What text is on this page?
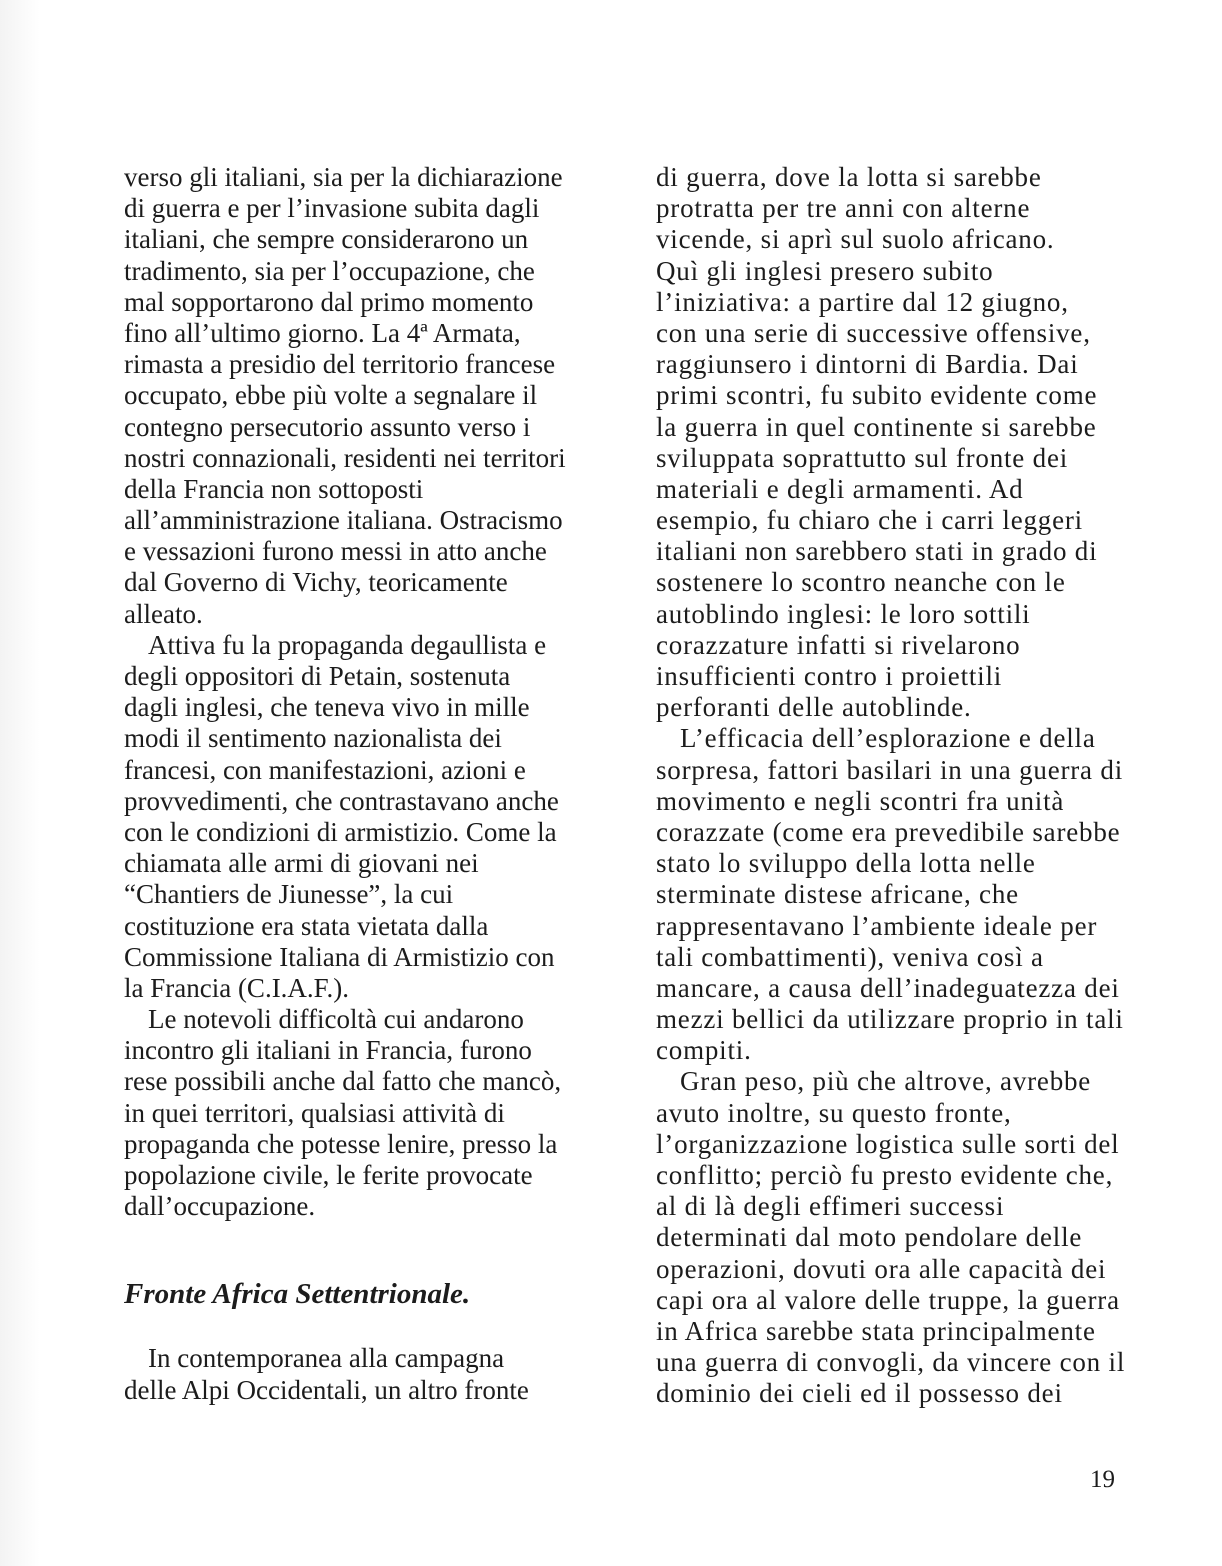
verso gli italiani, sia per la dichiarazione
di guerra e per l’invasione subita dagli
italiani, che sempre considerarono un
tradimento, sia per l’occupazione, che
mal sopportarono dal primo momento
fino all’ultimo giorno. La 4ª Armata,
rimasta a presidio del territorio francese
occupato, ebbe più volte a segnalare il
contegno persecutorio assunto verso i
nostri connazionali, residenti nei territori
della Francia non sottoposti
all’amministrazione italiana. Ostracismo
e vessazioni furono messi in atto anche
dal Governo di Vichy, teoricamente
alleato.
Attiva fu la propaganda degaullista e
degli oppositori di Petain, sostenuta
dagli inglesi, che teneva vivo in mille
modi il sentimento nazionalista dei
francesi, con manifestazioni, azioni e
provvedimenti, che contrastavano anche
con le condizioni di armistizio. Come la
chiamata alle armi di giovani nei
“Chantiers de Jiunesse”, la cui
costituzione era stata vietata dalla
Commissione Italiana di Armistizio con
la Francia (C.I.A.F.).
Le notevoli difficoltà cui andarono
incontro gli italiani in Francia, furono
rese possibili anche dal fatto che mancò,
in quei territori, qualsiasi attività di
propaganda che potesse lenire, presso la
popolazione civile, le ferite provocate
dall’occupazione.
Fronte Africa Settentrionale.
In contemporanea alla campagna
delle Alpi Occidentali, un altro fronte
di guerra, dove la lotta si sarebbe
protratta per tre anni con alterne
vicende, si aprì sul suolo africano.
Quì gli inglesi presero subito
l’iniziativa: a partire dal 12 giugno,
con una serie di successive offensive,
raggiunsero i dintorni di Bardia. Dai
primi scontri, fu subito evidente come
la guerra in quel continente si sarebbe
sviluppata soprattutto sul fronte dei
materiali e degli armamenti. Ad
esempio, fu chiaro che i carri leggeri
italiani non sarebbero stati in grado di
sostenere lo scontro neanche con le
autoblindo inglesi: le loro sottili
corazzature infatti si rivelarono
insufficienti contro i proiettili
perforanti delle autoblinde.
L’efficacia dell’esplorazione e della
sorpresa, fattori basilari in una guerra di
movimento e negli scontri fra unità
corazzate (come era prevedibile sarebbe
stato lo sviluppo della lotta nelle
sterminate distese africane, che
rappresentavano l’ambiente ideale per
tali combattimenti), veniva così a
mancare, a causa dell’inadeguatezza dei
mezzi bellici da utilizzare proprio in tali
compiti.
Gran peso, più che altrove, avrebbe
avuto inoltre, su questo fronte,
l’organizzazione logistica sulle sorti del
conflitto; perciò fu presto evidente che,
al di là degli effimeri successi
determinati dal moto pendolare delle
operazioni, dovuti ora alle capacità dei
capi ora al valore delle truppe, la guerra
in Africa sarebbe stata principalmente
una guerra di convogli, da vincere con il
dominio dei cieli ed il possesso dei
19
